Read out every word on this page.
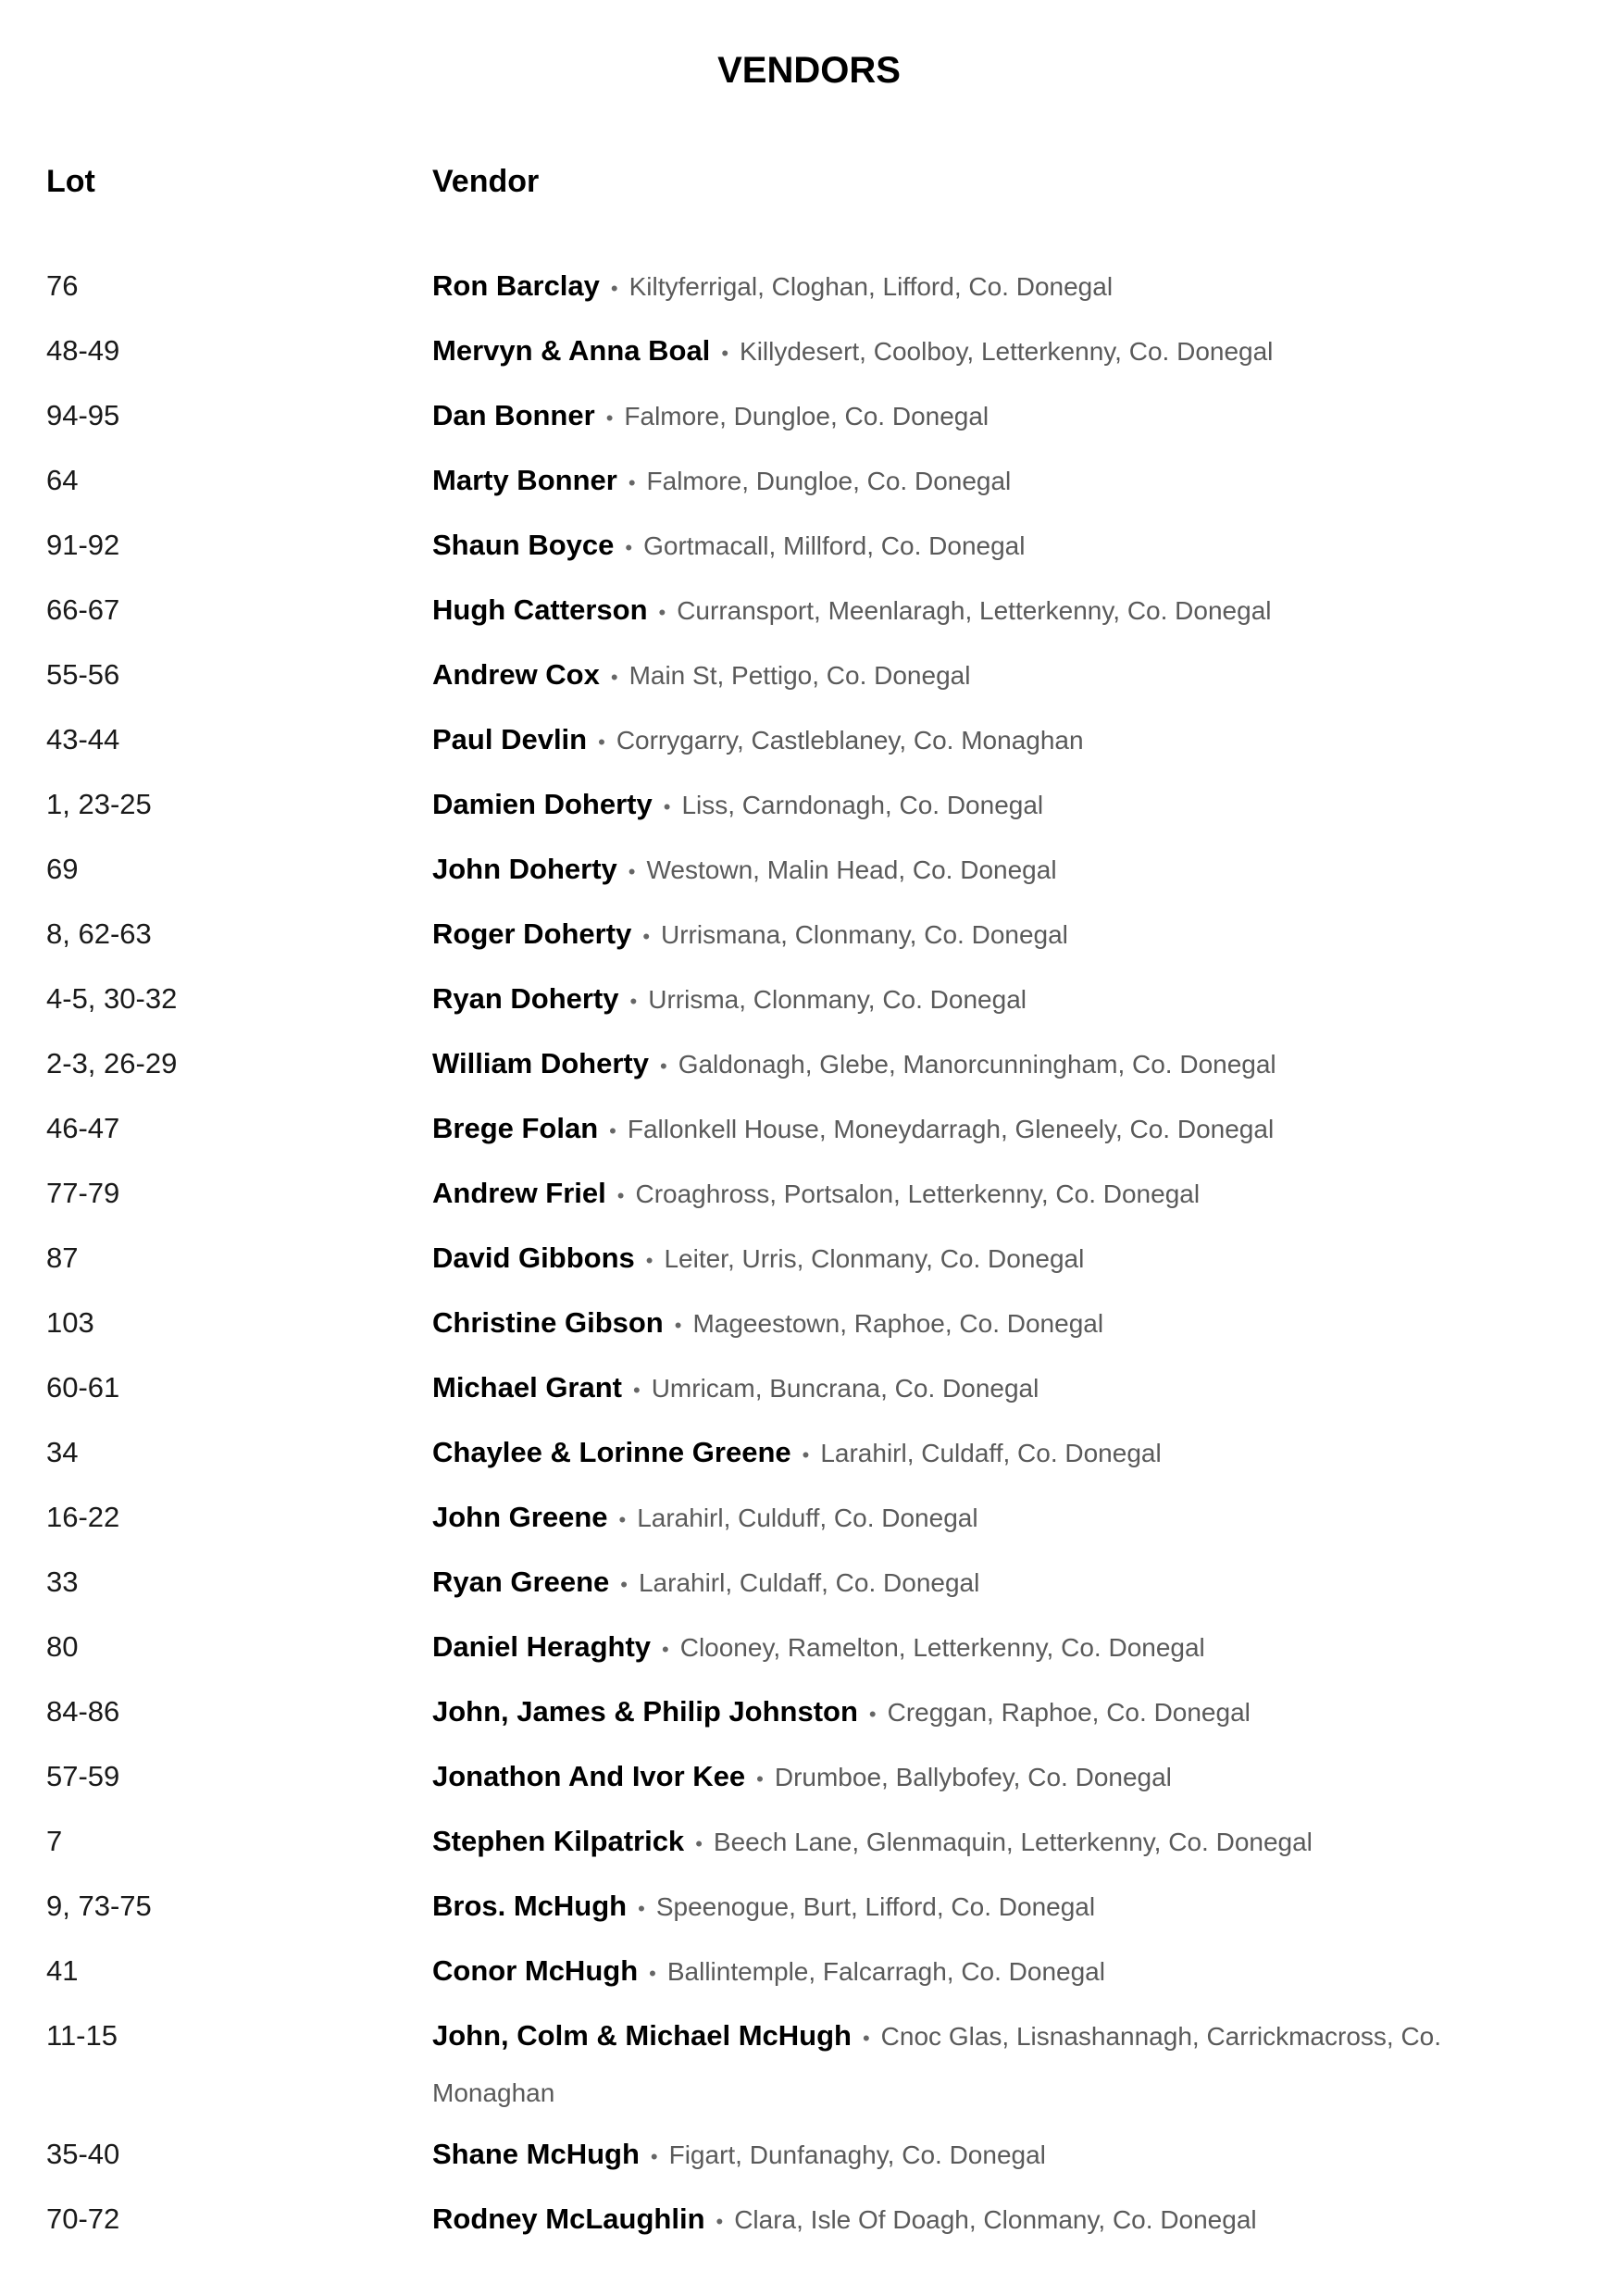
VENDORS
Lot	Vendor
76	Ron Barclay • Kiltyferrigal, Cloghan, Lifford, Co. Donegal
48-49	Mervyn & Anna Boal • Killydesert, Coolboy, Letterkenny, Co. Donegal
94-95	Dan Bonner • Falmore, Dungloe, Co. Donegal
64	Marty Bonner • Falmore, Dungloe, Co. Donegal
91-92	Shaun Boyce • Gortmacall, Millford, Co. Donegal
66-67	Hugh Catterson • Curransport, Meenlaragh, Letterkenny, Co. Donegal
55-56	Andrew Cox • Main St, Pettigo, Co. Donegal
43-44	Paul Devlin • Corrygarry, Castleblaney, Co. Monaghan
1, 23-25	Damien Doherty • Liss, Carndonagh, Co. Donegal
69	John Doherty • Westown, Malin Head, Co. Donegal
8, 62-63	Roger Doherty • Urrismana, Clonmany, Co. Donegal
4-5, 30-32	Ryan Doherty • Urrisma, Clonmany, Co. Donegal
2-3, 26-29	William Doherty • Galdonagh, Glebe, Manorcunningham, Co. Donegal
46-47	Brege Folan • Fallonkell House, Moneydarragh, Gleneely, Co. Donegal
77-79	Andrew Friel • Croaghross, Portsalon, Letterkenny, Co. Donegal
87	David Gibbons • Leiter, Urris, Clonmany, Co. Donegal
103	Christine Gibson • Mageestown, Raphoe, Co. Donegal
60-61	Michael Grant • Umricam, Buncrana, Co. Donegal
34	Chaylee & Lorinne Greene • Larahirl, Culdaff, Co. Donegal
16-22	John Greene • Larahirl, Culduff, Co. Donegal
33	Ryan Greene • Larahirl, Culdaff, Co. Donegal
80	Daniel Heraghty • Clooney, Ramelton, Letterkenny, Co. Donegal
84-86	John, James & Philip Johnston • Creggan, Raphoe, Co. Donegal
57-59	Jonathon And Ivor Kee • Drumboe, Ballybofey, Co. Donegal
7	Stephen Kilpatrick • Beech Lane, Glenmaquin, Letterkenny, Co. Donegal
9, 73-75	Bros. McHugh • Speenogue, Burt, Lifford, Co. Donegal
41	Conor McHugh • Ballintemple, Falcarragh, Co. Donegal
11-15	John, Colm & Michael McHugh • Cnoc Glas, Lisnashannagh, Carrickmacross, Co. Monaghan
35-40	Shane McHugh • Figart, Dunfanaghy, Co. Donegal
70-72	Rodney McLaughlin • Clara, Isle Of Doagh, Clonmany, Co. Donegal
